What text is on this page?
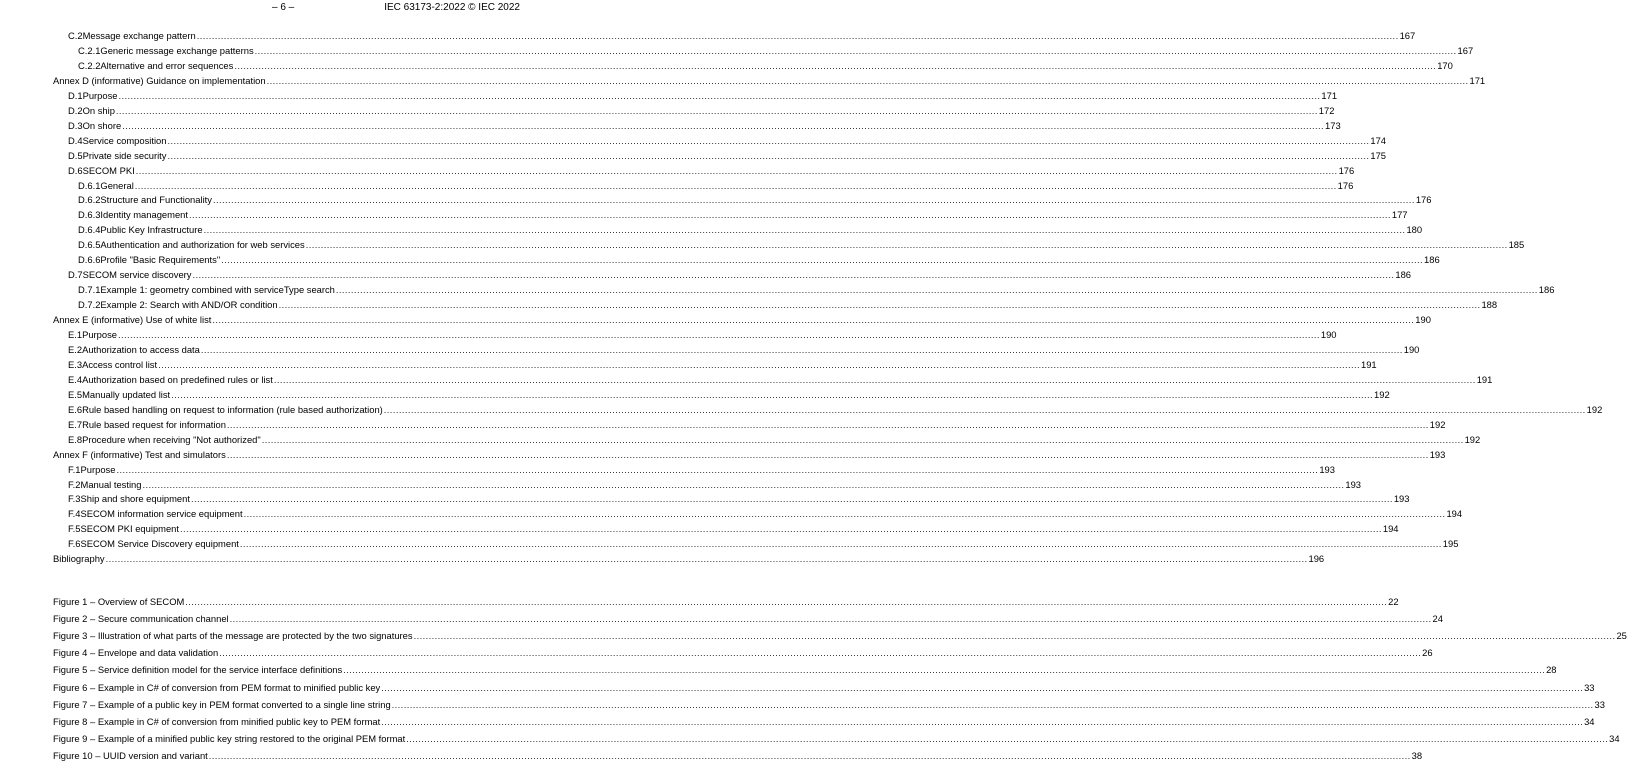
– 6 –	IEC 63173-2:2022 © IEC 2022
C.2 Message exchange pattern ................................................................................................................................................................................................................................................................................................................................................................................................................ 167
C.2.1 Generic message exchange patterns ................................................................................................................................................................................................................................................................................................................................................................................................................ 167
C.2.2 Alternative and error sequences ................................................................................................................................................................................................................................................................................................................................................................................................................ 170
Annex D (informative) Guidance on implementation ................................................................................................................................................................................................................................................................................................................................................................................................................ 171
D.1 Purpose ................................................................................................................................................................................................................................................................................................................................................................................................................ 171
D.2 On ship ................................................................................................................................................................................................................................................................................................................................................................................................................ 172
D.3 On shore ................................................................................................................................................................................................................................................................................................................................................................................................................ 173
D.4 Service composition ................................................................................................................................................................................................................................................................................................................................................................................................................ 174
D.5 Private side security ................................................................................................................................................................................................................................................................................................................................................................................................................ 175
D.6 SECOM PKI ................................................................................................................................................................................................................................................................................................................................................................................................................ 176
D.6.1 General ................................................................................................................................................................................................................................................................................................................................................................................................................ 176
D.6.2 Structure and Functionality ................................................................................................................................................................................................................................................................................................................................................................................................................ 176
D.6.3 Identity management ................................................................................................................................................................................................................................................................................................................................................................................................................ 177
D.6.4 Public Key Infrastructure ................................................................................................................................................................................................................................................................................................................................................................................................................ 180
D.6.5 Authentication and authorization for web services ................................................................................................................................................................................................................................................................................................................................................................................................................ 185
D.6.6 Profile "Basic Requirements" ................................................................................................................................................................................................................................................................................................................................................................................................................ 186
D.7 SECOM service discovery ................................................................................................................................................................................................................................................................................................................................................................................................................ 186
D.7.1 Example 1: geometry combined with serviceType search ................................................................................................................................................................................................................................................................................................................................................................................................................ 186
D.7.2 Example 2: Search with AND/OR condition ................................................................................................................................................................................................................................................................................................................................................................................................................ 188
Annex E (informative) Use of white list ................................................................................................................................................................................................................................................................................................................................................................................................................ 190
E.1 Purpose ................................................................................................................................................................................................................................................................................................................................................................................................................ 190
E.2 Authorization to access data ................................................................................................................................................................................................................................................................................................................................................................................................................ 190
E.3 Access control list ................................................................................................................................................................................................................................................................................................................................................................................................................ 191
E.4 Authorization based on predefined rules or list ................................................................................................................................................................................................................................................................................................................................................................................................................ 191
E.5 Manually updated list ................................................................................................................................................................................................................................................................................................................................................................................................................ 192
E.6 Rule based handling on request to information (rule based authorization) ................................................................................................................................................................................................................................................................................................................................................................................................................ 192
E.7 Rule based request for information ................................................................................................................................................................................................................................................................................................................................................................................................................ 192
E.8 Procedure when receiving "Not authorized" ................................................................................................................................................................................................................................................................................................................................................................................................................ 192
Annex F (informative) Test and simulators ................................................................................................................................................................................................................................................................................................................................................................................................................ 193
F.1 Purpose ................................................................................................................................................................................................................................................................................................................................................................................................................ 193
F.2 Manual testing ................................................................................................................................................................................................................................................................................................................................................................................................................ 193
F.3 Ship and shore equipment ................................................................................................................................................................................................................................................................................................................................................................................................................ 193
F.4 SECOM information service equipment ................................................................................................................................................................................................................................................................................................................................................................................................................ 194
F.5 SECOM PKI equipment ................................................................................................................................................................................................................................................................................................................................................................................................................ 194
F.6 SECOM Service Discovery equipment ................................................................................................................................................................................................................................................................................................................................................................................................................ 195
Bibliography ................................................................................................................................................................................................................................................................................................................................................................................................................ 196
Figure 1 – Overview of SECOM ................................................................................................................................................................................................................................................................................................................................................................................................................ 22
Figure 2 – Secure communication channel ................................................................................................................................................................................................................................................................................................................................................................................................................ 24
Figure 3 – Illustration of what parts of the message are protected by the two signatures ................................................................................................................................................................................................................................................................................................................................................................................................................ 25
Figure 4 – Envelope and data validation ................................................................................................................................................................................................................................................................................................................................................................................................................ 26
Figure 5 – Service definition model for the service interface definitions ................................................................................................................................................................................................................................................................................................................................................................................................................ 28
Figure 6 – Example in C# of conversion from PEM format to minified public key ................................................................................................................................................................................................................................................................................................................................................................................................................ 33
Figure 7 – Example of a public key in PEM format converted to a single line string ................................................................................................................................................................................................................................................................................................................................................................................................................ 33
Figure 8 – Example in C# of conversion from minified public key to PEM format ................................................................................................................................................................................................................................................................................................................................................................................................................ 34
Figure 9 – Example of a minified public key string restored to the original PEM format ................................................................................................................................................................................................................................................................................................................................................................................................................ 34
Figure 10 – UUID version and variant ................................................................................................................................................................................................................................................................................................................................................................................................................ 38
